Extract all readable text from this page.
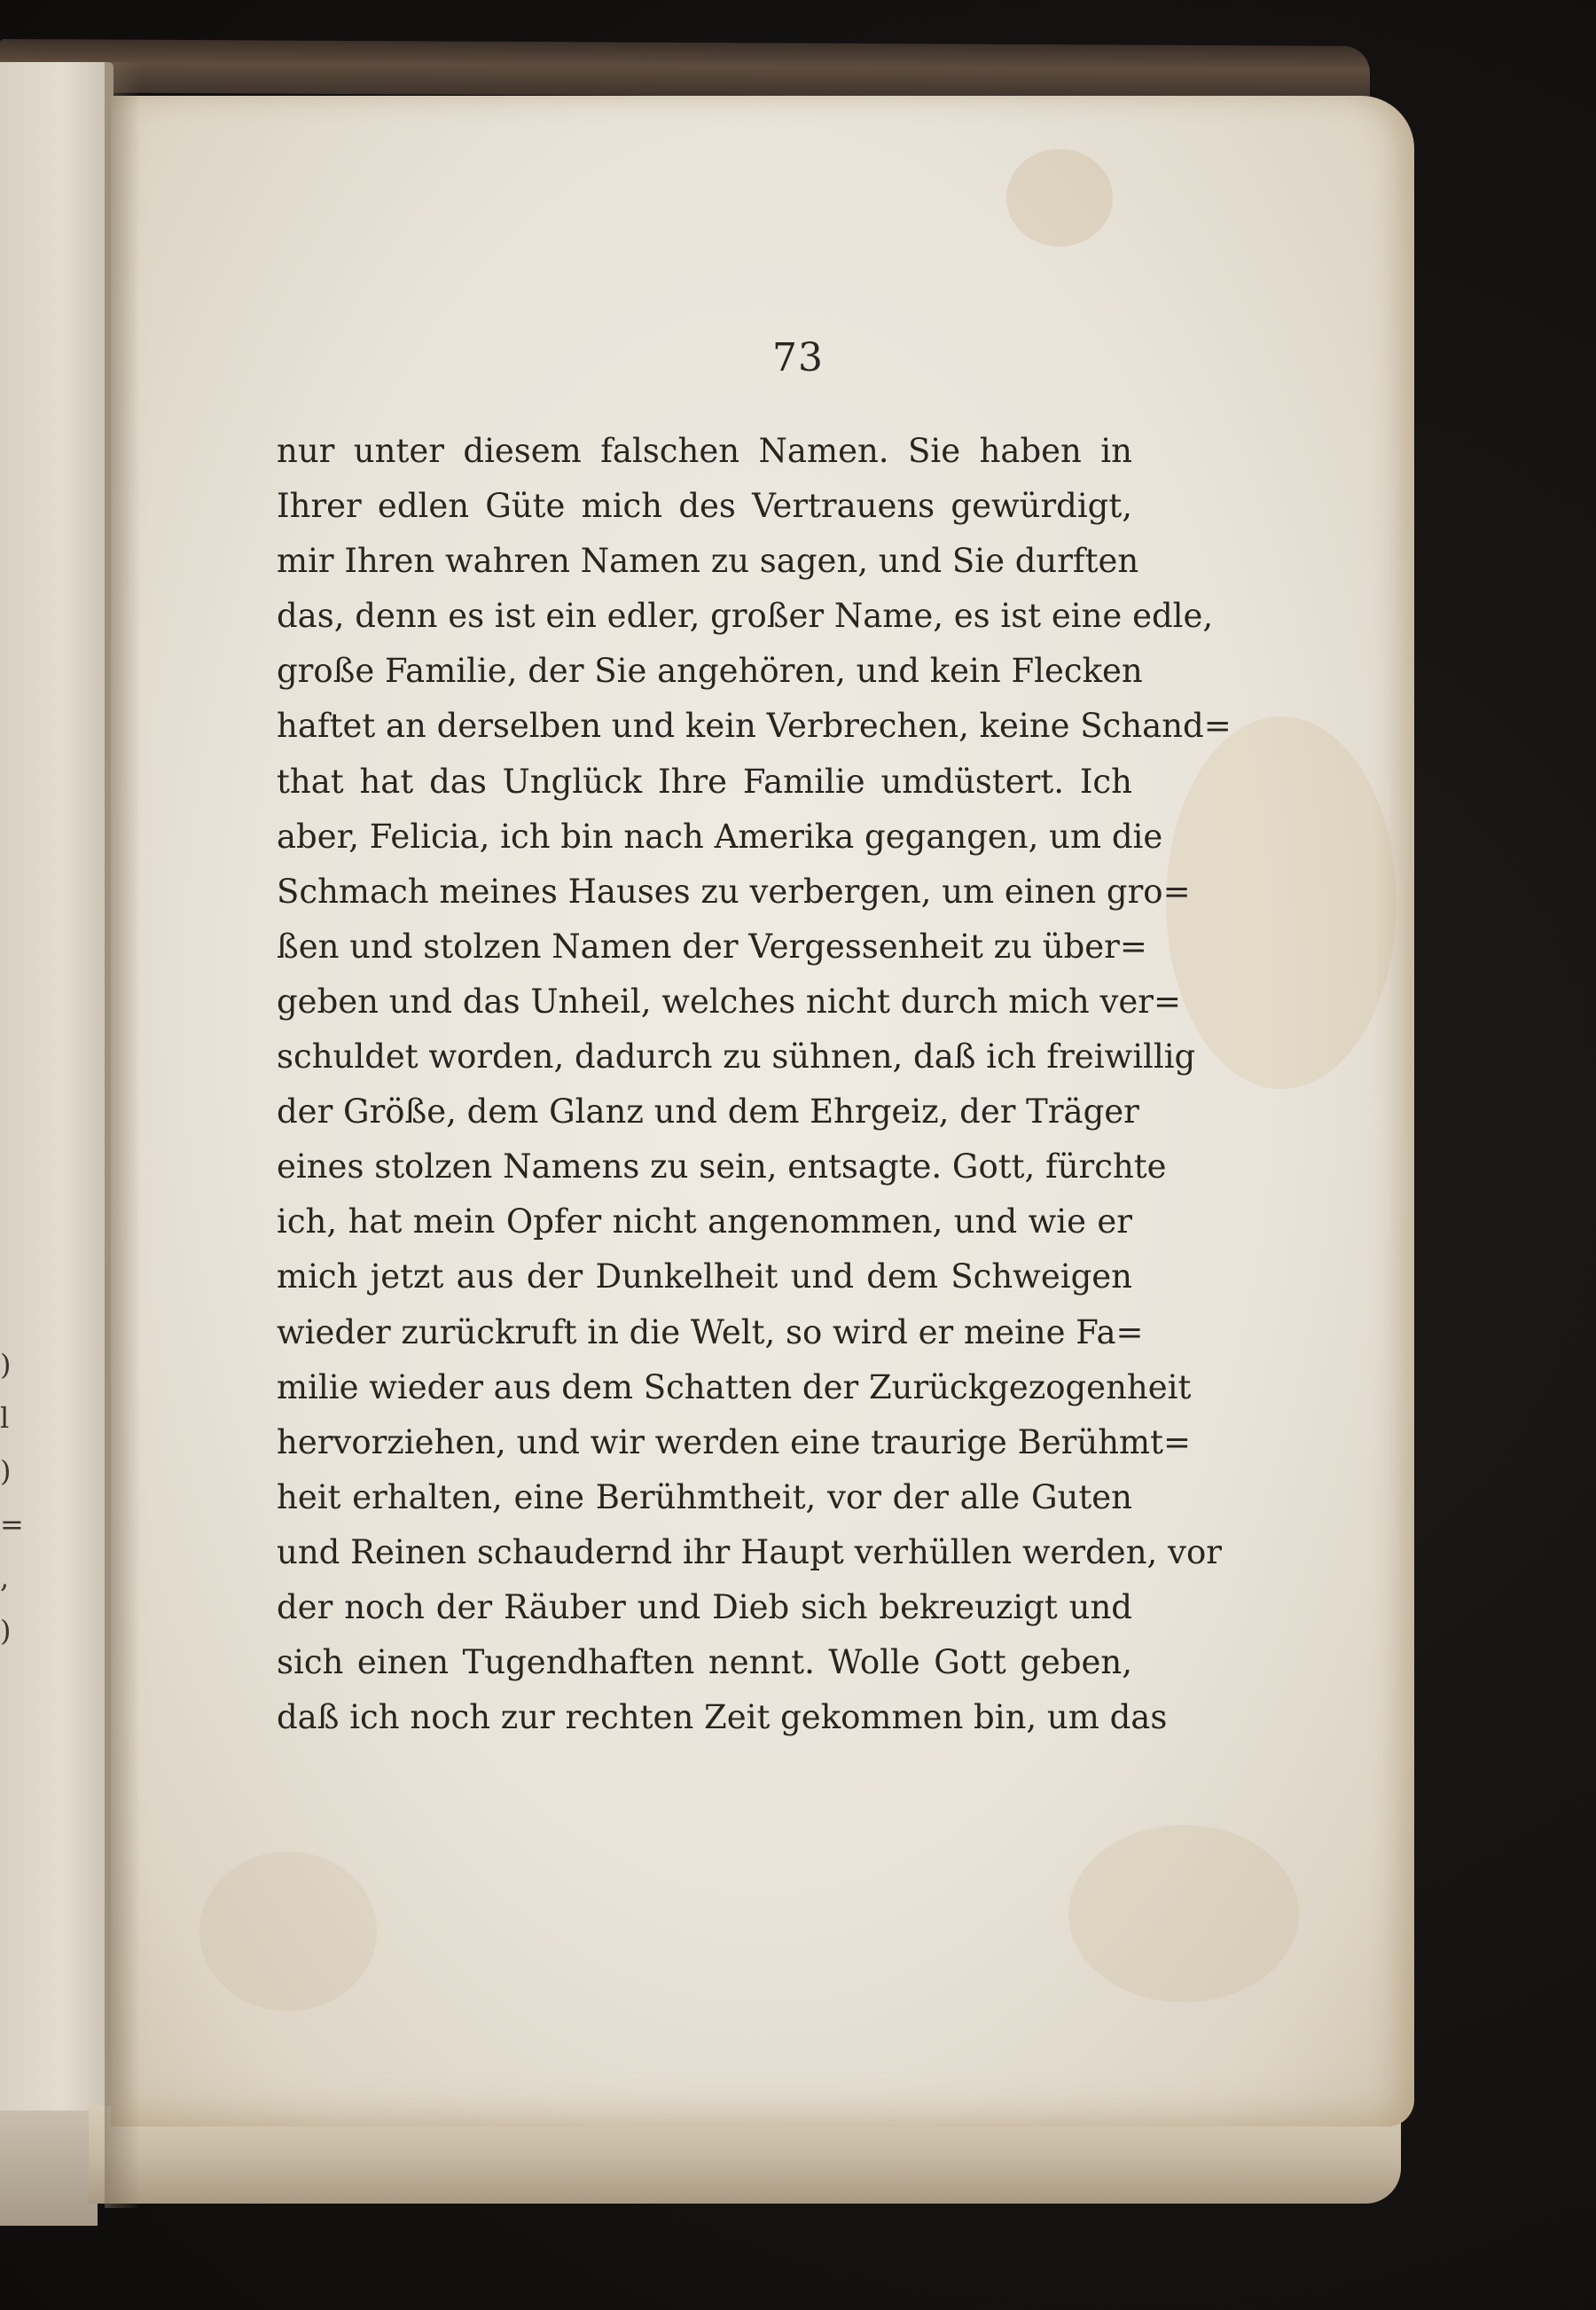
)
l
)
=
,
)
73
nur unter diesem falschen Namen. Sie haben in
Ihrer edlen Güte mich des Vertrauens gewürdigt,
mir Ihren wahren Namen zu sagen, und Sie durften
das, denn es ist ein edler, großer Name, es ist eine edle,
große Familie, der Sie angehören, und kein Flecken
haftet an derselben und kein Verbrechen, keine Schand=
that hat das Unglück Ihre Familie umdüstert. Ich
aber, Felicia, ich bin nach Amerika gegangen, um die
Schmach meines Hauses zu verbergen, um einen gro=
ßen und stolzen Namen der Vergessenheit zu über=
geben und das Unheil, welches nicht durch mich ver=
schuldet worden, dadurch zu sühnen, daß ich freiwillig
der Größe, dem Glanz und dem Ehrgeiz, der Träger
eines stolzen Namens zu sein, entsagte. Gott, fürchte
ich, hat mein Opfer nicht angenommen, und wie er
mich jetzt aus der Dunkelheit und dem Schweigen
wieder zurückruft in die Welt, so wird er meine Fa=
milie wieder aus dem Schatten der Zurückgezogenheit
hervorziehen, und wir werden eine traurige Berühmt=
heit erhalten, eine Berühmtheit, vor der alle Guten
und Reinen schaudernd ihr Haupt verhüllen werden, vor
der noch der Räuber und Dieb sich bekreuzigt und
sich einen Tugendhaften nennt. Wolle Gott geben,
daß ich noch zur rechten Zeit gekommen bin, um das
